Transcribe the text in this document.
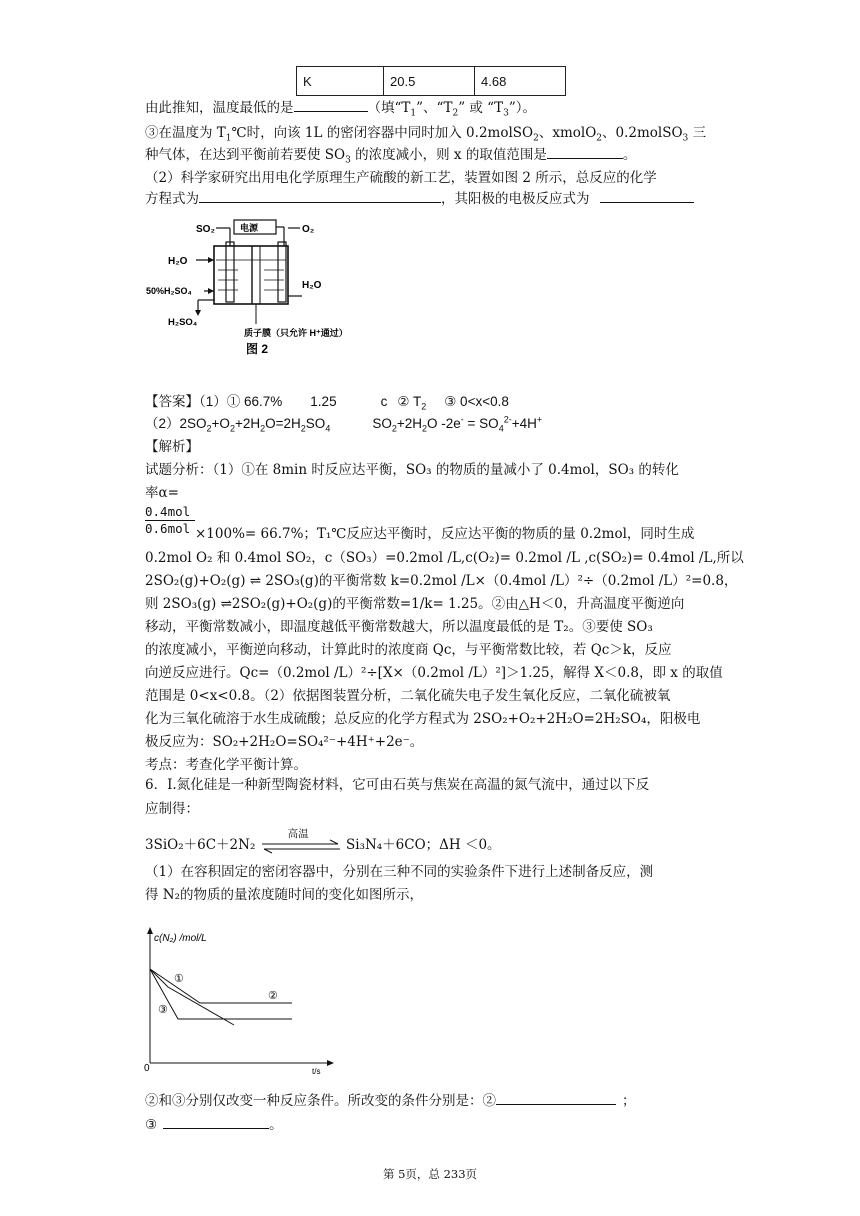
K	20.5	4.68
由此推知，温度最低的是	（填“$T_1$”、“$T_2$” 或 “$T_3$”）。
③在温度为 $T_1℃$时，向该 1L 的密闭容器中同时加入 0.2molSO$_2$、xmolO$_2$、0.2molSO$_3$ 三
种气体，在达到平衡前若要使 $SO_3$ 的浓度减小，则 x 的取值范围是	。
（2）科学家研究出用电化学原理生产硫酸的新工艺，装置如图 2 所示，总反应的化学
方程式为	，其阳极的电极反应式为
SO₂	电源	O₂
H₂O
50%H₂SO₄	H₂O
H₂SO₄
质子膜（只允许 H⁺通过）
图 2
【答案】（1）① 66.7% 1.25	c ② $T_2$ ③ 0<x<0.8
$(2)2SO_2+O_2+2H_2O=2H_2SO_4$	$SO_2+2H_2O$ $-2e^- = SO_4^{2-}+4H^+$
【解析】
试题分析：（1）①在 8min 时反应达平衡，SO₃ 的物质的量减小了 0.4mol，SO₃ 的转化
率α=
0.4mol
0.6mol ×100%= 66.7%；T₁℃反应达平衡时，反应达平衡的物质的量 0.2mol，同时生成
0.2mol O₂ 和 0.4mol SO₂，c（SO₃）=0.2mol /L,c(O₂)= 0.2mol /L ,c(SO₂)= 0.4mol /L,所以
2SO₂(g)+O₂(g) ⇌ 2SO₃(g)的平衡常数 k=0.2mol /L×（0.4mol /L）²÷（0.2mol /L）²=0.8，
则 2SO₃(g) ⇌2SO₂(g)+O₂(g)的平衡常数=1/k= 1.25。②由△H＜0，升高温度平衡逆向
移动，平衡常数减小，即温度越低平衡常数越大，所以温度最低的是 T₂。③要使 SO₃
的浓度减小，平衡逆向移动，计算此时的浓度商 Qc，与平衡常数比较，若 Qc＞k，反应
向逆反应进行。Qc=（0.2mol /L）²÷[X×（0.2mol /L）²]＞1.25，解得 X＜0.8，即 x 的取值
范围是 0<x<0.8。（2）依据图装置分析，二氧化硫失电子发生氧化反应，二氧化硫被氧
化为三氧化硫溶于水生成硫酸；总反应的化学方程式为 2SO₂+O₂+2H₂O=2H₂SO₄，阳极电
极反应为：SO₂+2H₂O=SO₄²⁻+4H⁺+2e⁻。
考点：考查化学平衡计算。
6．Ⅰ.氮化硅是一种新型陶瓷材料，它可由石英与焦炭在高温的氮气流中，通过以下反
应制得：
3SiO₂＋6C＋2N₂
高温
Si₃N₄＋6CO；ΔH ＜0。
（1）在容积固定的密闭容器中，分别在三种不同的实验条件下进行上述制备反应，测
得 N₂的物质的量浓度随时间的变化如图所示，
c(N₂) /mol/L
t/s
0
①
②
③
②和③分别仅改变一种反应条件。所改变的条件分别是：②	；
③	。
第 5页，总 233页
